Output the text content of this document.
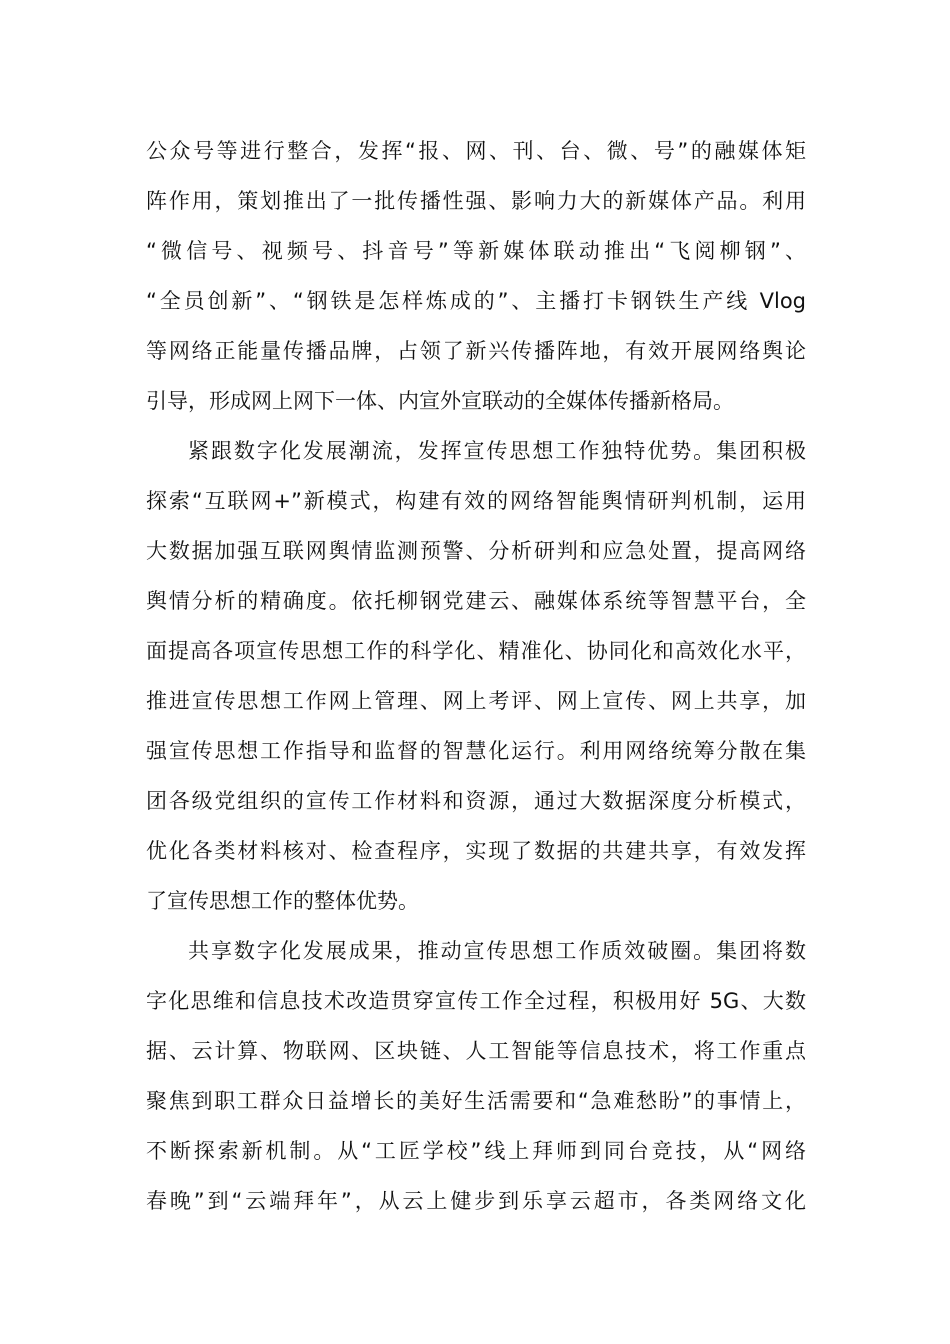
公众号等进行整合，发挥“报、网、刊、台、微、号”的融媒体矩
阵作用，策划推出了一批传播性强、影响力大的新媒体产品。利用
“微信号、视频号、抖音号”等新媒体联动推出“飞阅柳钢”、
“全员创新”、“钢铁是怎样炼成的”、主播打卡钢铁生产线 Vlog
等网络正能量传播品牌，占领了新兴传播阵地，有效开展网络舆论
引导，形成网上网下一体、内宣外宣联动的全媒体传播新格局。
紧跟数字化发展潮流，发挥宣传思想工作独特优势。集团积极
探索“互联网+”新模式，构建有效的网络智能舆情研判机制，运用
大数据加强互联网舆情监测预警、分析研判和应急处置，提高网络
舆情分析的精确度。依托柳钢党建云、融媒体系统等智慧平台，全
面提高各项宣传思想工作的科学化、精准化、协同化和高效化水平，
推进宣传思想工作网上管理、网上考评、网上宣传、网上共享，加
强宣传思想工作指导和监督的智慧化运行。利用网络统筹分散在集
团各级党组织的宣传工作材料和资源，通过大数据深度分析模式，
优化各类材料核对、检查程序，实现了数据的共建共享，有效发挥
了宣传思想工作的整体优势。
共享数字化发展成果，推动宣传思想工作质效破圈。集团将数
字化思维和信息技术改造贯穿宣传工作全过程，积极用好 5G、大数
据、云计算、物联网、区块链、人工智能等信息技术，将工作重点
聚焦到职工群众日益增长的美好生活需要和“急难愁盼”的事情上，
不断探索新机制。从“工匠学校”线上拜师到同台竞技，从“网络
春晚”到“云端拜年”，从云上健步到乐享云超市，各类网络文化
